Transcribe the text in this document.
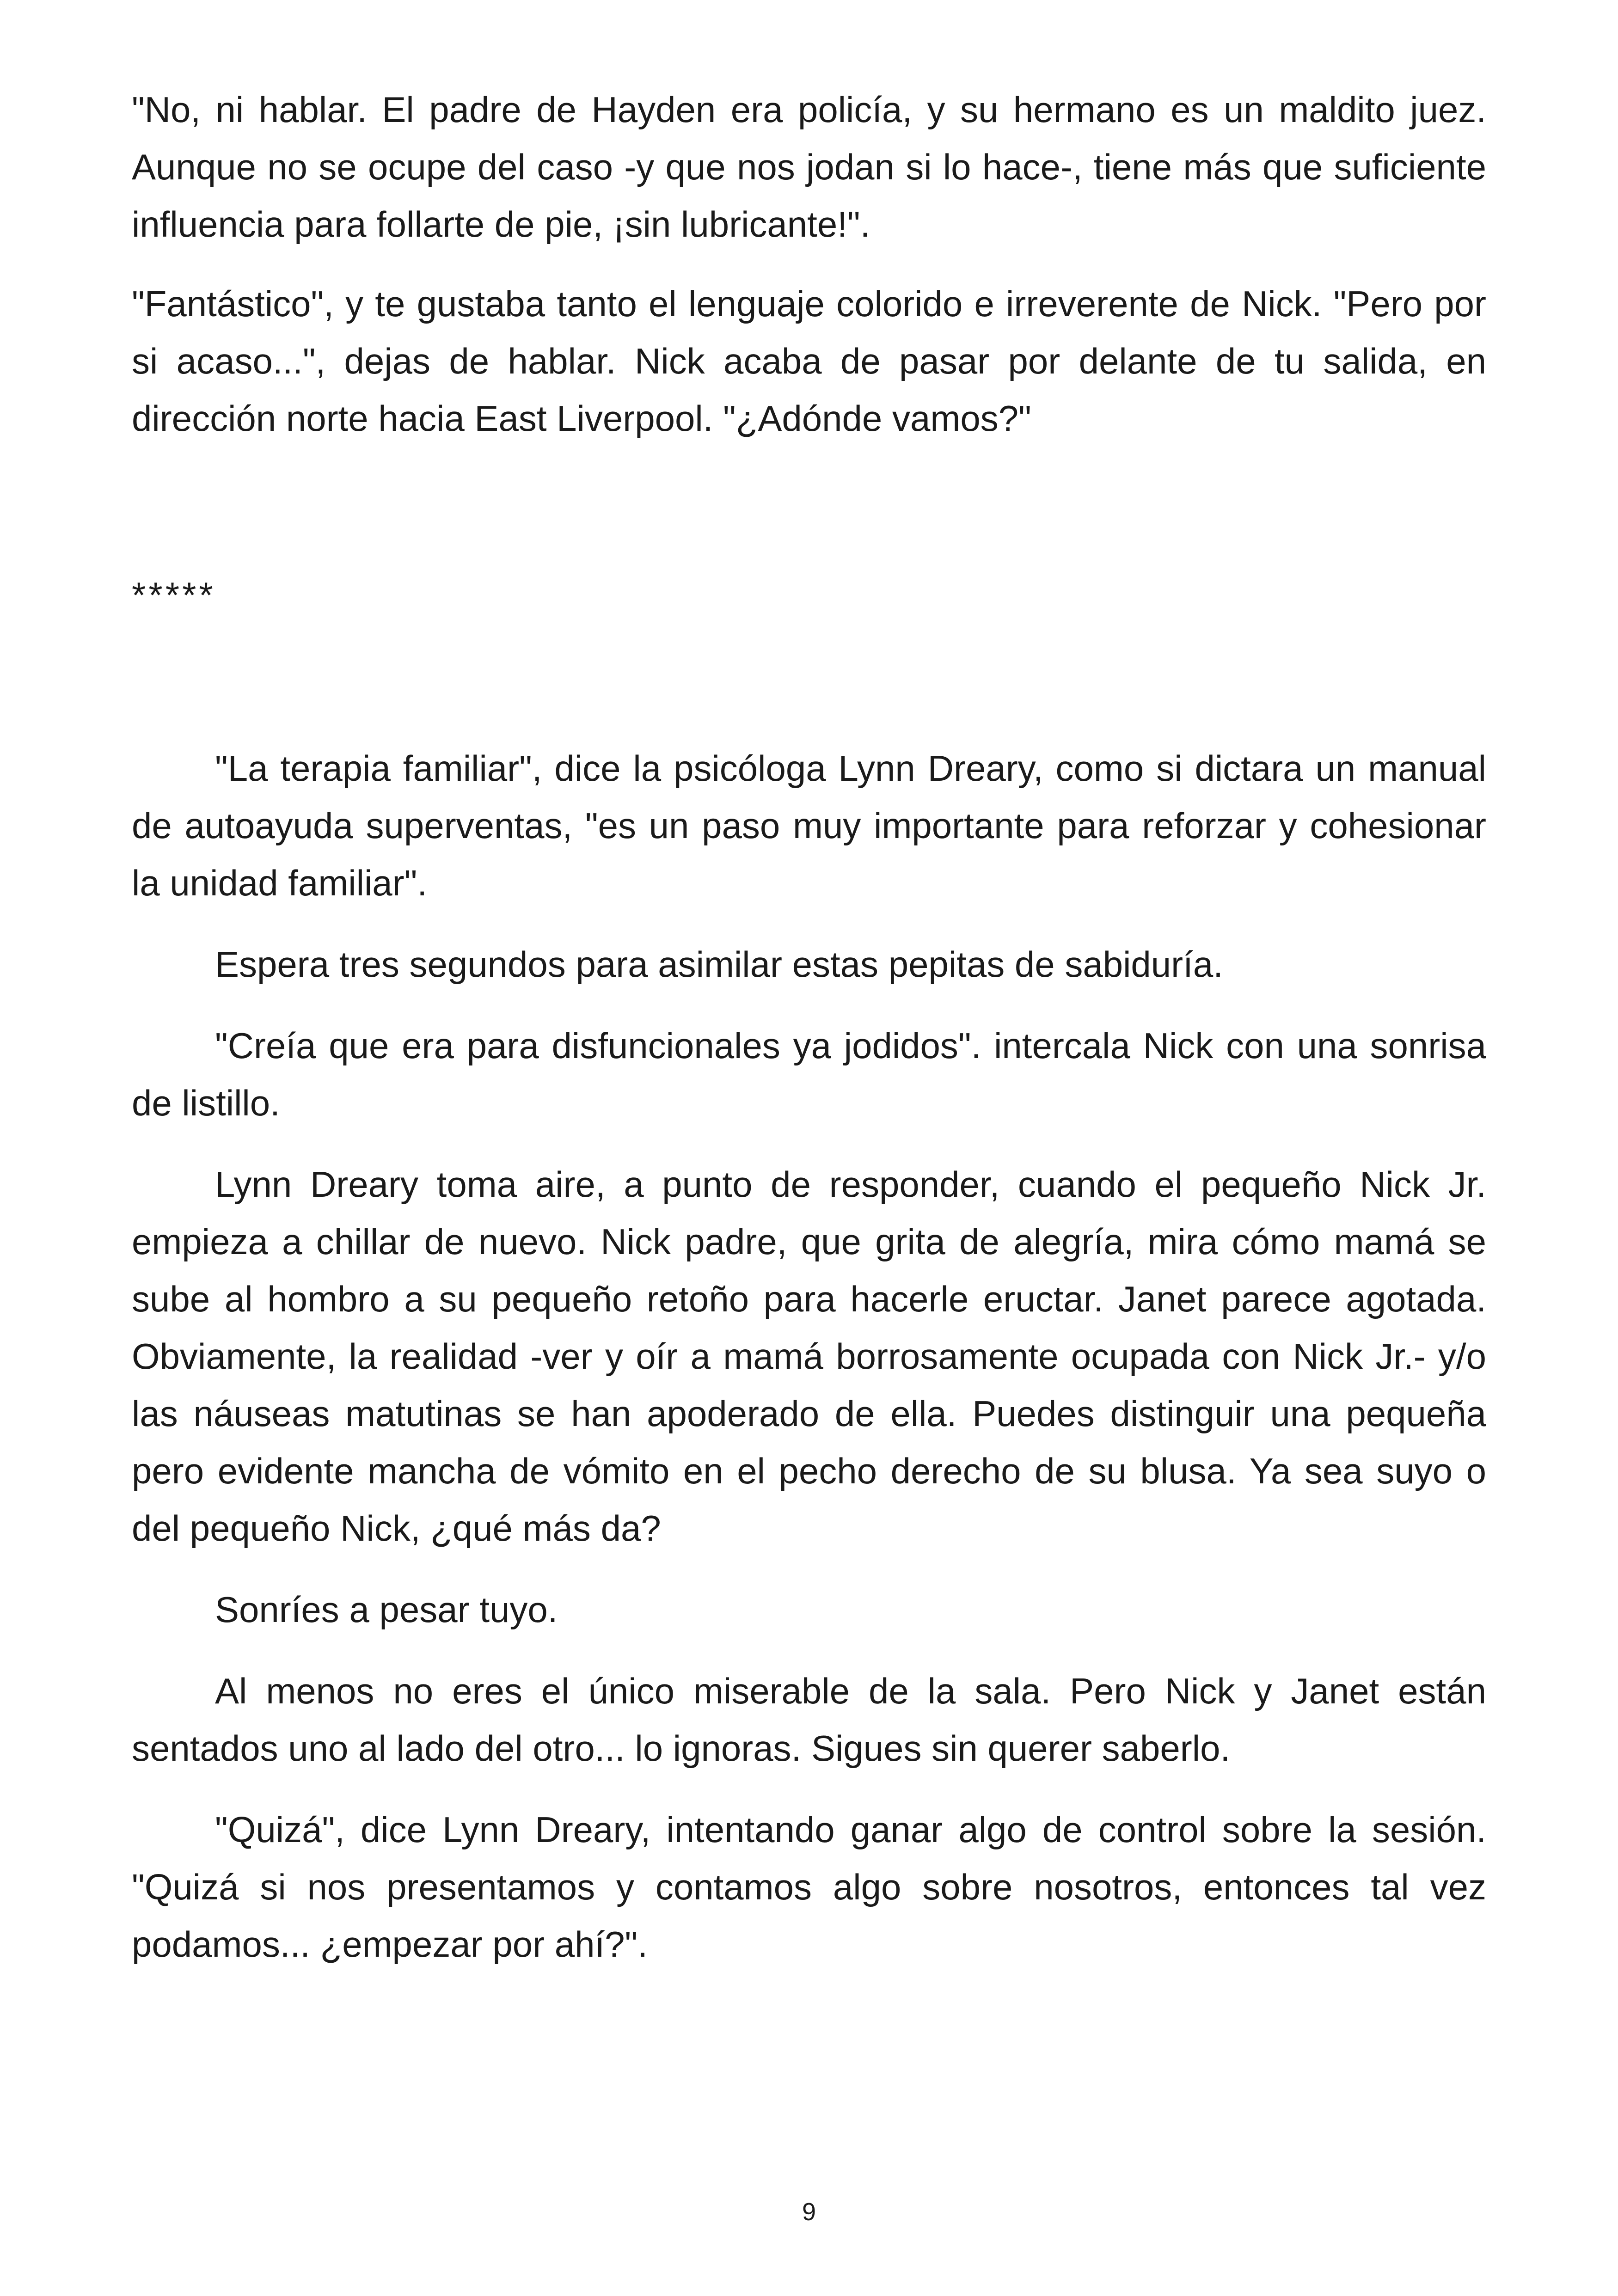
"No, ni hablar. El padre de Hayden era policía, y su hermano es un maldito juez. Aunque no se ocupe del caso -y que nos jodan si lo hace-, tiene más que suficiente influencia para follarte de pie, ¡sin lubricante!".

"Fantástico", y te gustaba tanto el lenguaje colorido e irreverente de Nick. "Pero por si acaso...", dejas de hablar. Nick acaba de pasar por delante de tu salida, en dirección norte hacia East Liverpool. "¿Adónde vamos?"

*****

"La terapia familiar", dice la psicóloga Lynn Dreary, como si dictara un manual de autoayuda superventas, "es un paso muy importante para reforzar y cohesionar la unidad familiar".

Espera tres segundos para asimilar estas pepitas de sabiduría.

"Creía que era para disfuncionales ya jodidos". intercala Nick con una sonrisa de listillo.

Lynn Dreary toma aire, a punto de responder, cuando el pequeño Nick Jr. empieza a chillar de nuevo. Nick padre, que grita de alegría, mira cómo mamá se sube al hombro a su pequeño retoño para hacerle eructar. Janet parece agotada. Obviamente, la realidad -ver y oír a mamá borrosamente ocupada con Nick Jr.- y/o las náuseas matutinas se han apoderado de ella. Puedes distinguir una pequeña pero evidente mancha de vómito en el pecho derecho de su blusa. Ya sea suyo o del pequeño Nick, ¿qué más da?

Sonríes a pesar tuyo.

Al menos no eres el único miserable de la sala. Pero Nick y Janet están sentados uno al lado del otro... lo ignoras. Sigues sin querer saberlo.

"Quizá", dice Lynn Dreary, intentando ganar algo de control sobre la sesión. "Quizá si nos presentamos y contamos algo sobre nosotros, entonces tal vez podamos... ¿empezar por ahí?".

9
